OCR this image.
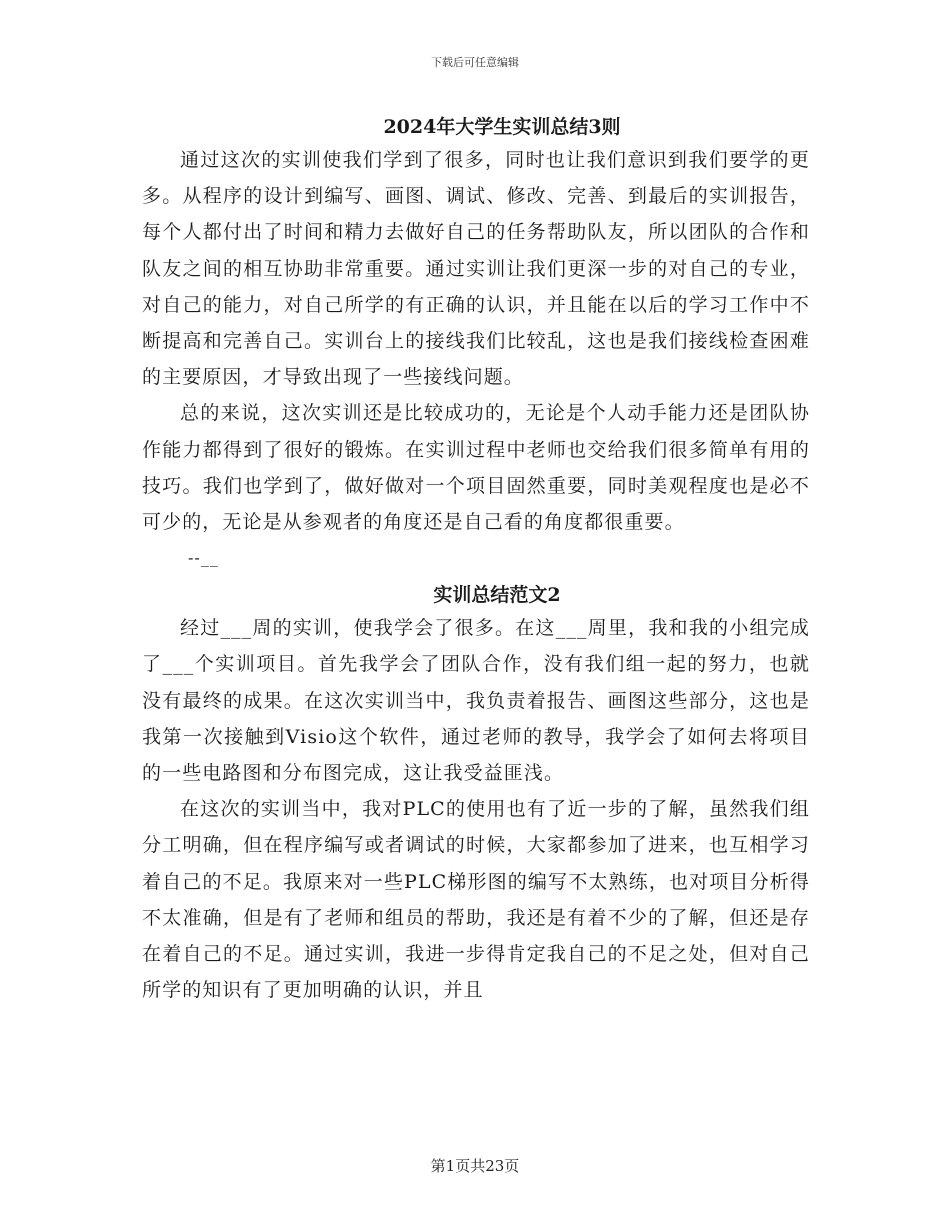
下载后可任意编辑
2024年大学生实训总结3则

通过这次的实训使我们学到了很多，同时也让我们意识到我们要学的更多。从程序的设计到编写、画图、调试、修改、完善、到最后的实训报告，每个人都付出了时间和精力去做好自己的任务帮助队友，所以团队的合作和队友之间的相互协助非常重要。通过实训让我们更深一步的对自己的专业，对自己的能力，对自己所学的有正确的认识，并且能在以后的学习工作中不断提高和完善自己。实训台上的接线我们比较乱，这也是我们接线检查困难的主要原因，才导致出现了一些接线问题。

总的来说，这次实训还是比较成功的，无论是个人动手能力还是团队协作能力都得到了很好的锻炼。在实训过程中老师也交给我们很多简单有用的技巧。我们也学到了，做好做对一个项目固然重要，同时美观程度也是必不可少的，无论是从参观者的角度还是自己看的角度都很重要。

--__

实训总结范文2

经过___周的实训，使我学会了很多。在这___周里，我和我的小组完成了___个实训项目。首先我学会了团队合作，没有我们组一起的努力，也就没有最终的成果。在这次实训当中，我负责着报告、画图这些部分，这也是我第一次接触到Visio这个软件，通过老师的教导，我学会了如何去将项目的一些电路图和分布图完成，这让我受益匪浅。

在这次的实训当中，我对PLC的使用也有了近一步的了解，虽然我们组分工明确，但在程序编写或者调试的时候，大家都参加了进来，也互相学习着自己的不足。我原来对一些PLC梯形图的编写不太熟练，也对项目分析得不太准确，但是有了老师和组员的帮助，我还是有着不少的了解，但还是存在着自己的不足。通过实训，我进一步得肯定我自己的不足之处，但对自己所学的知识有了更加明确的认识，并且

第1页共23页
